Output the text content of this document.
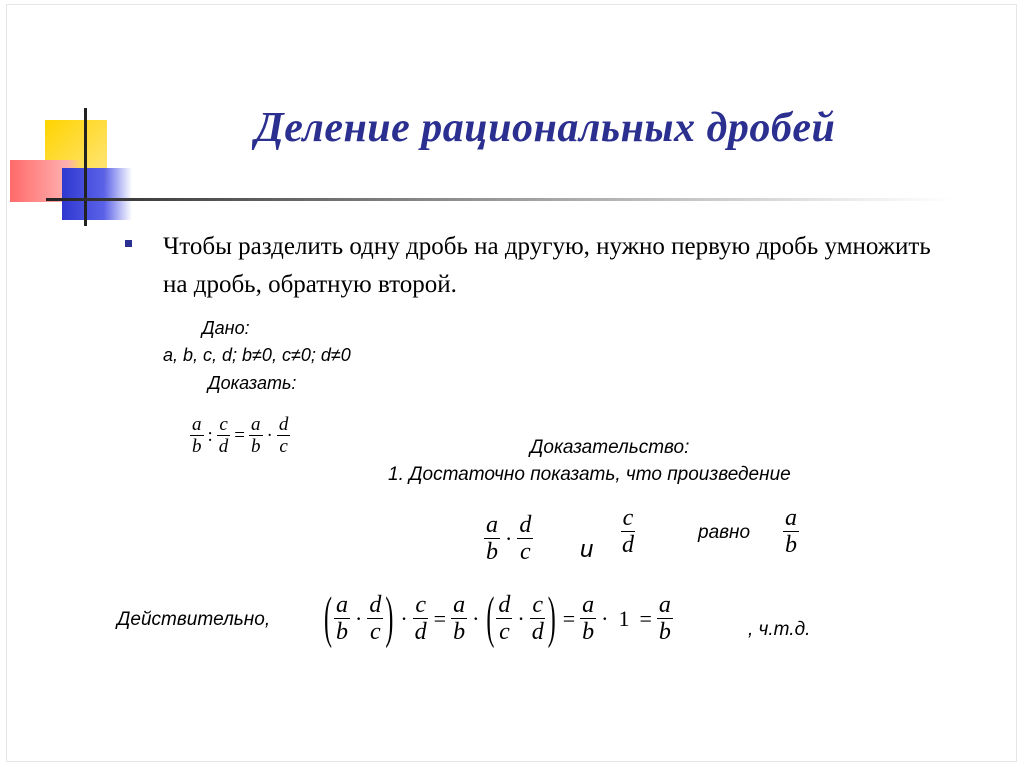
Деление рациональных дробей

Чтобы разделить одну дробь на другую, нужно первую дробь умножить на дробь, обратную второй.

Дано:
a, b, c, d; b≠0, c≠0; d≠0
Доказать:
$\frac{a}{b}$ : $\frac{c}{d} = \frac{a}{b} \cdot \frac{d}{c}$	Доказательство:
1. Достаточно показать, что произведение
$\frac{a}{b} \cdot \frac{d}{c}$ и $\frac{c}{d}$	равно $\frac{a}{b}$
Действительно, ( $\frac{a}{b} \cdot \frac{d}{c}$ ) · $\frac{c}{d} = \frac{a}{b}$ · ( $\frac{d}{c} \cdot \frac{c}{d}$ ) = $\frac{a}{b} \cdot 1 = \frac{a}{b}$	, ч.т.д.
